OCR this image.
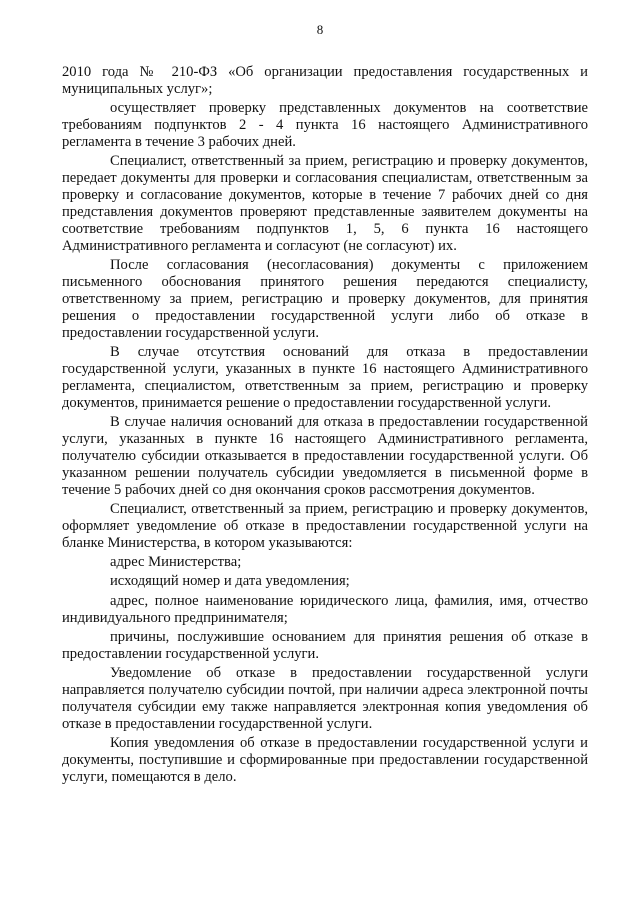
8

2010 года № 210-ФЗ «Об организации предоставления государственных и муниципальных услуг»;

осуществляет проверку представленных документов на соответствие требованиям подпунктов 2 - 4 пункта 16 настоящего Административного регламента в течение 3 рабочих дней.

Специалист, ответственный за прием, регистрацию и проверку документов, передает документы для проверки и согласования специалистам, ответственным за проверку и согласование документов, которые в течение 7 рабочих дней со дня представления документов проверяют представленные заявителем документы на соответствие требованиям подпунктов 1, 5, 6 пункта 16 настоящего Административного регламента и согласуют (не согласуют) их.

После согласования (несогласования) документы с приложением письменного обоснования принятого решения передаются специалисту, ответственному за прием, регистрацию и проверку документов, для принятия решения о предоставлении государственной услуги либо об отказе в предоставлении государственной услуги.

В случае отсутствия оснований для отказа в предоставлении государственной услуги, указанных в пункте 16 настоящего Административного регламента, специалистом, ответственным за прием, регистрацию и проверку документов, принимается решение о предоставлении государственной услуги.

В случае наличия оснований для отказа в предоставлении государственной услуги, указанных в пункте 16 настоящего Административного регламента, получателю субсидии отказывается в предоставлении государственной услуги. Об указанном решении получатель субсидии уведомляется в письменной форме в течение 5 рабочих дней со дня окончания сроков рассмотрения документов.

Специалист, ответственный за прием, регистрацию и проверку документов, оформляет уведомление об отказе в предоставлении государственной услуги на бланке Министерства, в котором указываются:

адрес Министерства;

исходящий номер и дата уведомления;

адрес, полное наименование юридического лица, фамилия, имя, отчество индивидуального предпринимателя;

причины, послужившие основанием для принятия решения об отказе в предоставлении государственной услуги.

Уведомление об отказе в предоставлении государственной услуги направляется получателю субсидии почтой, при наличии адреса электронной почты получателя субсидии ему также направляется электронная копия уведомления об отказе в предоставлении государственной услуги.

Копия уведомления об отказе в предоставлении государственной услуги и документы, поступившие и сформированные при предоставлении государственной услуги, помещаются в дело.
